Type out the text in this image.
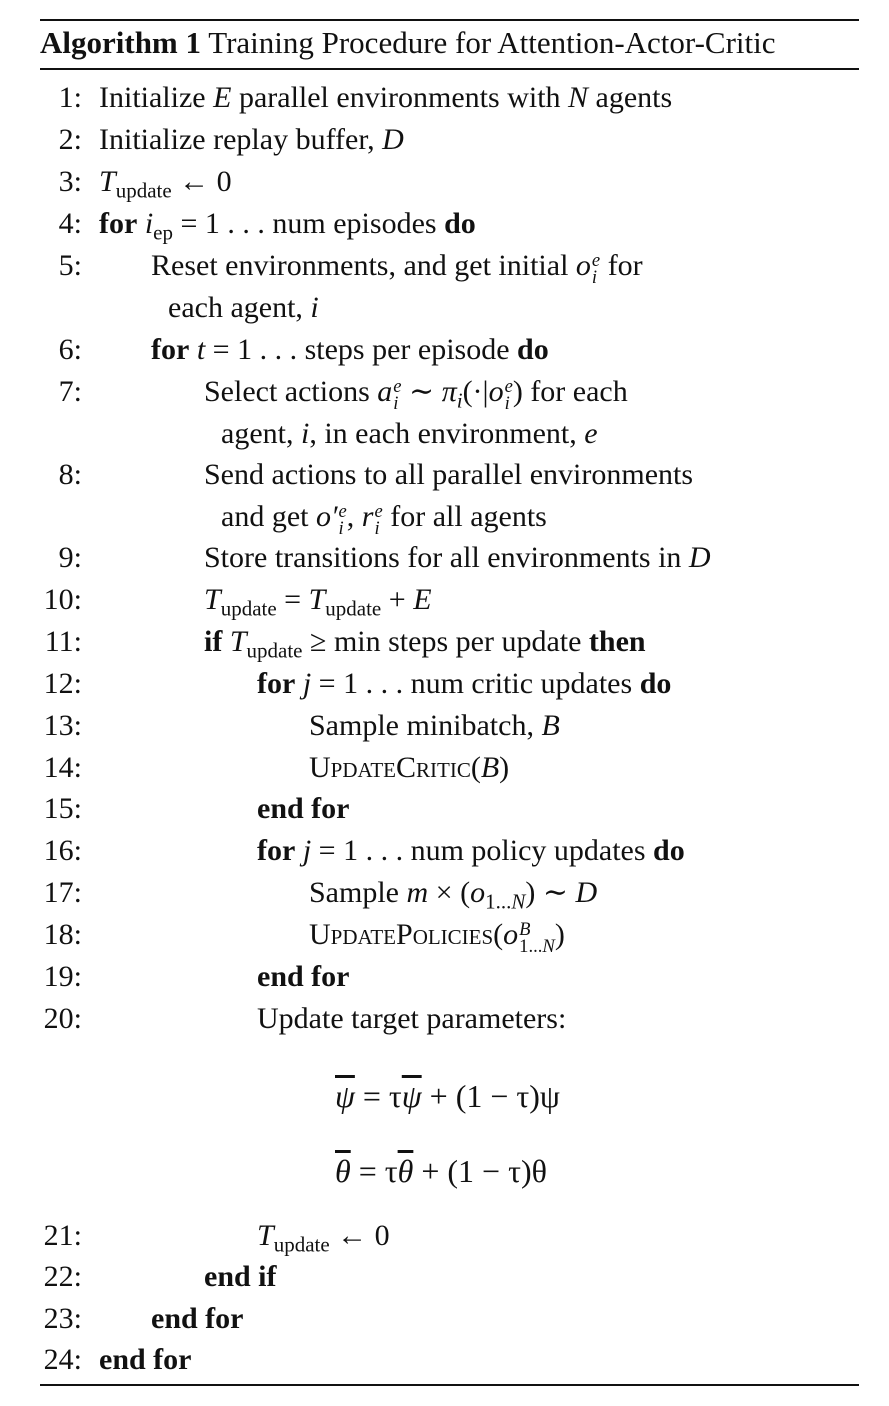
Algorithm 1 Training Procedure for Attention-Actor-Critic
1: Initialize E parallel environments with N agents
2: Initialize replay buffer, D
3: $T_{update}$ ← 0
4: for $i_{ep} = 1$ . . . num episodes do
5: Reset environments, and get initial o e
i for
each agent, i
6: for t = 1 . . . steps per episode do
7:	Select actions a e
i ∼ $\pi_i(\cdot|o$ e
i ) for each
agent, i, in each environment, e
8:	Send actions to all parallel environments
and get o′ e
i , r e
i for all agents
9:	Store transitions for all environments in D
10:	$T_{update} = T_{update} + E$
11:	if $T_{update} \ge \min$ steps per update then
12:	for j = 1 . . . num critic updates do
13:	Sample minibatch, B
14:	UpdateCritic(B)
15:	end for
16:	for j = 1 . . . num policy updates do
17:	Sample $m \times (o_{1...N})$ ∼ D
18:	UpdatePolicies(o B
1...N )
19:	end for
20:	Update target parameters:
$\overline{\psi} = \tau\overline{\psi} + (1 - \tau)\psi$
$\overline{\theta} = \tau\overline{\theta} + (1 - \tau)\theta$
21:	$T_{update}$ ← 0
22:	end if
23: end for
24: end for
